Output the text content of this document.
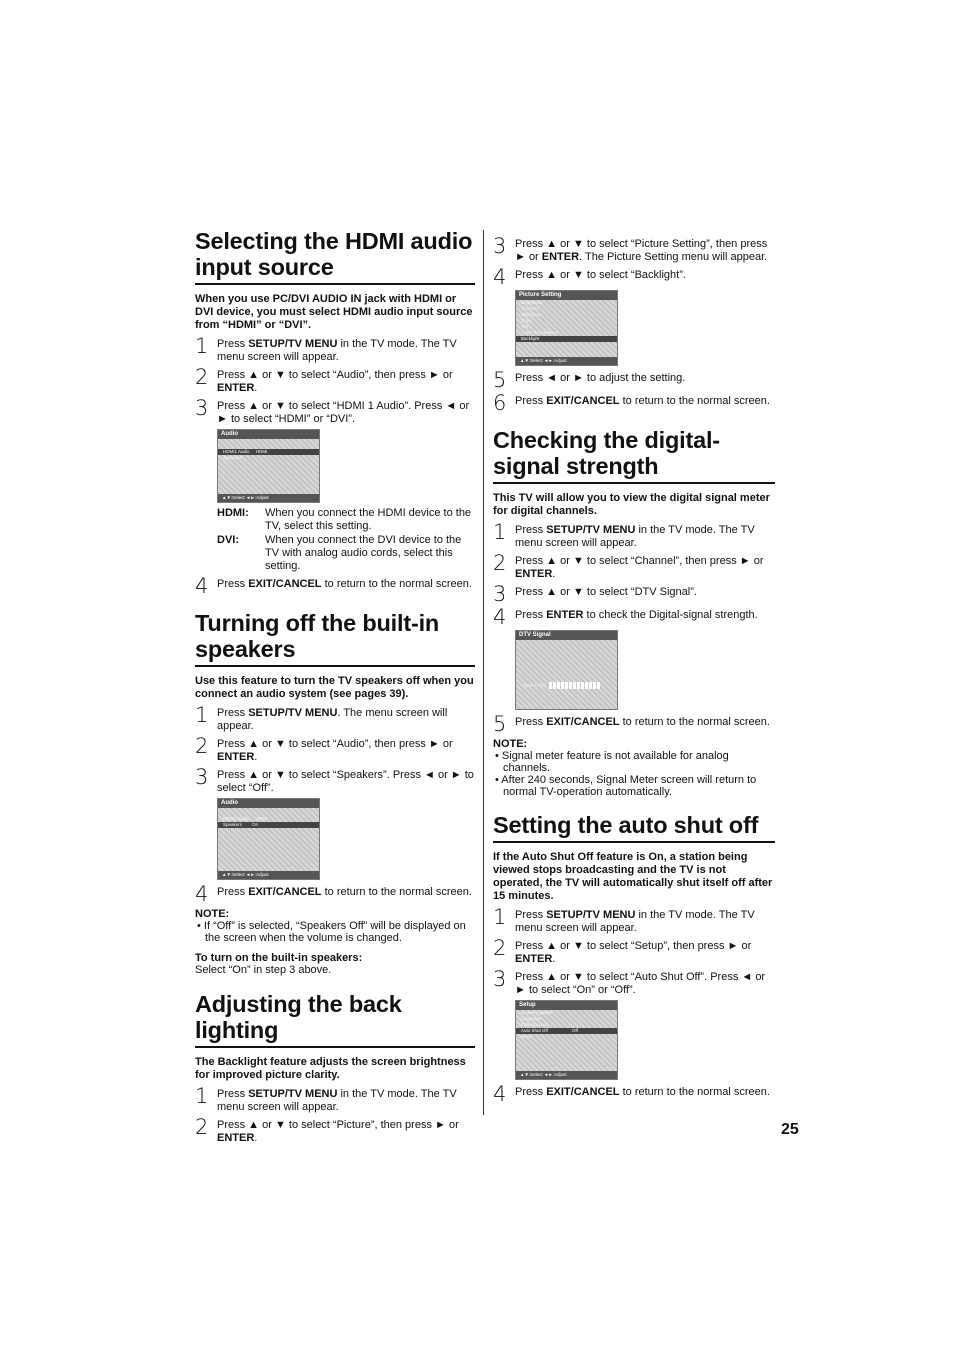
Selecting the HDMI audio input source
When you use PC/DVI AUDIO IN jack with HDMI or DVI device, you must select HDMI audio input source from “HDMI” or “DVI”.
1 Press SETUP/TV MENU in the TV mode. The TV menu screen will appear.
2 Press ▲ or ▼ to select “Audio”, then press ► or ENTER.
3 Press ▲ or ▼ to select “HDMI 1 Audio”. Press ◄ or ► to select “HDMI” or “DVI”.
Audio
HDMI1 Audio HDMI
Speakers
▲▼:Select ◄►:Adjust
HDMI: When you connect the HDMI device to the TV, select this setting.
DVI: When you connect the DVI device to the TV with analog audio cords, select this setting.
4 Press EXIT/CANCEL to return to the normal screen.
Turning off the built-in speakers
Use this feature to turn the TV speakers off when you connect an audio system (see pages 39).
1 Press SETUP/TV MENU. The menu screen will appear.
2 Press ▲ or ▼ to select “Audio”, then press ► or ENTER.
3 Press ▲ or ▼ to select “Speakers”. Press ◄ or ► to select “Off”.
Audio
HDMI1 Audio HDMI
Speakers On
▲▼:Select ◄►:Adjust
4 Press EXIT/CANCEL to return to the normal screen.
NOTE:
• If “Off” is selected, “Speakers Off” will be displayed on the screen when the volume is changed.
To turn on the built-in speakers:
Select “On” in step 3 above.
Adjusting the back lighting
The Backlight feature adjusts the screen brightness for improved picture clarity.
1 Press SETUP/TV MENU in the TV mode. The TV menu screen will appear.
2 Press ▲ or ▼ to select “Picture”, then press ► or ENTER.
3 Press ▲ or ▼ to select “Picture Setting”, then press ► or ENTER. The Picture Setting menu will appear.
4 Press ▲ or ▼ to select “Backlight”.
Picture Setting
Brightness
Contrast
Sharpness
Color
Tint
Color Temperature
Backlight
▲▼:Select ◄►:Adjust
5 Press ◄ or ► to adjust the setting.
6 Press EXIT/CANCEL to return to the normal screen.
Checking the digital-signal strength
This TV will allow you to view the digital signal meter for digital channels.
1 Press SETUP/TV MENU in the TV mode. The TV menu screen will appear.
2 Press ▲ or ▼ to select “Channel”, then press ► or ENTER.
3 Press ▲ or ▼ to select “DTV Signal”.
4 Press ENTER to check the Digital-signal strength.
DTV Signal
Signal Level
5 Press EXIT/CANCEL to return to the normal screen.
NOTE:
• Signal meter feature is not available for analog channels.
• After 240 seconds, Signal Meter screen will return to normal TV-operation automatically.
Setting the auto shut off
If the Auto Shut Off feature is On, a station being viewed stops broadcasting and the TV is not operated, the TV will automatically shut itself off after 15 minutes.
1 Press SETUP/TV MENU in the TV mode. The TV menu screen will appear.
2 Press ▲ or ▼ to select “Setup”, then press ► or ENTER.
3 Press ▲ or ▼ to select “Auto Shut Off”. Press ◄ or ► to select “On” or “Off”.
Setup
Closed Caption
Language
Parental Lock
Auto Shut Off	Off
Reset
▲▼:Select ◄►:Adjust
4 Press EXIT/CANCEL to return to the normal screen.
25
